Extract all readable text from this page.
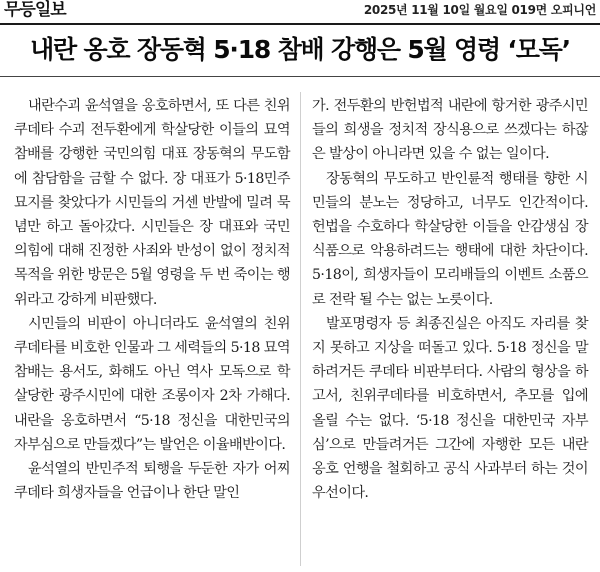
무등일보	2025년 11월 10일 월요일 019면 오피니언
내란 옹호 장동혁 5·18 참배 강행은 5월 영령 ‘모독’

내란수괴 윤석열을 옹호하면서, 또 다른 친위쿠데타 수괴 전두환에게 학살당한 이들의 묘역 참배를 강행한 국민의힘 대표 장동혁의 무도함에 참담함을 금할 수 없다. 장 대표가 5·18민주묘지를 찾았다가 시민들의 거센 반발에 밀려 묵념만 하고 돌아갔다. 시민들은 장 대표와 국민의힘에 대해 진정한 사죄와 반성이 없이 정치적 목적을 위한 방문은 5월 영령을 두 번 죽이는 행위라고 강하게 비판했다.

시민들의 비판이 아니더라도 윤석열의 친위쿠데타를 비호한 인물과 그 세력들의 5·18 묘역 참배는 용서도, 화해도 아닌 역사 모독으로 학살당한 광주시민에 대한 조롱이자 2차 가해다. 내란을 옹호하면서 “5·18 정신을 대한민국의 자부심으로 만들겠다”는 발언은 이율배반이다.

윤석열의 반민주적 퇴행을 두둔한 자가 어찌 쿠데타 희생자들을 언급이나 한단 말인

가. 전두환의 반헌법적 내란에 항거한 광주시민들의 희생을 정치적 장식용으로 쓰겠다는 하잖은 발상이 아니라면 있을 수 없는 일이다.

장동혁의 무도하고 반인륜적 행태를 향한 시민들의 분노는 정당하고, 너무도 인간적이다. 헌법을 수호하다 학살당한 이들을 안감생심 장식품으로 악용하려드는 행태에 대한 차단이다. 5·18이, 희생자들이 모리배들의 이벤트 소품으로 전락 될 수는 없는 노릇이다.

발포명령자 등 최종진실은 아직도 자리를 찾지 못하고 지상을 떠돌고 있다. 5·18 정신을 말하려거든 쿠데타 비판부터다. 사람의 형상을 하고서, 친위쿠데타를 비호하면서, 추모를 입에 올릴 수는 없다. ‘5·18 정신을 대한민국 자부심’으로 만들려거든 그간에 자행한 모든 내란 옹호 언행을 철회하고 공식 사과부터 하는 것이 우선이다.
